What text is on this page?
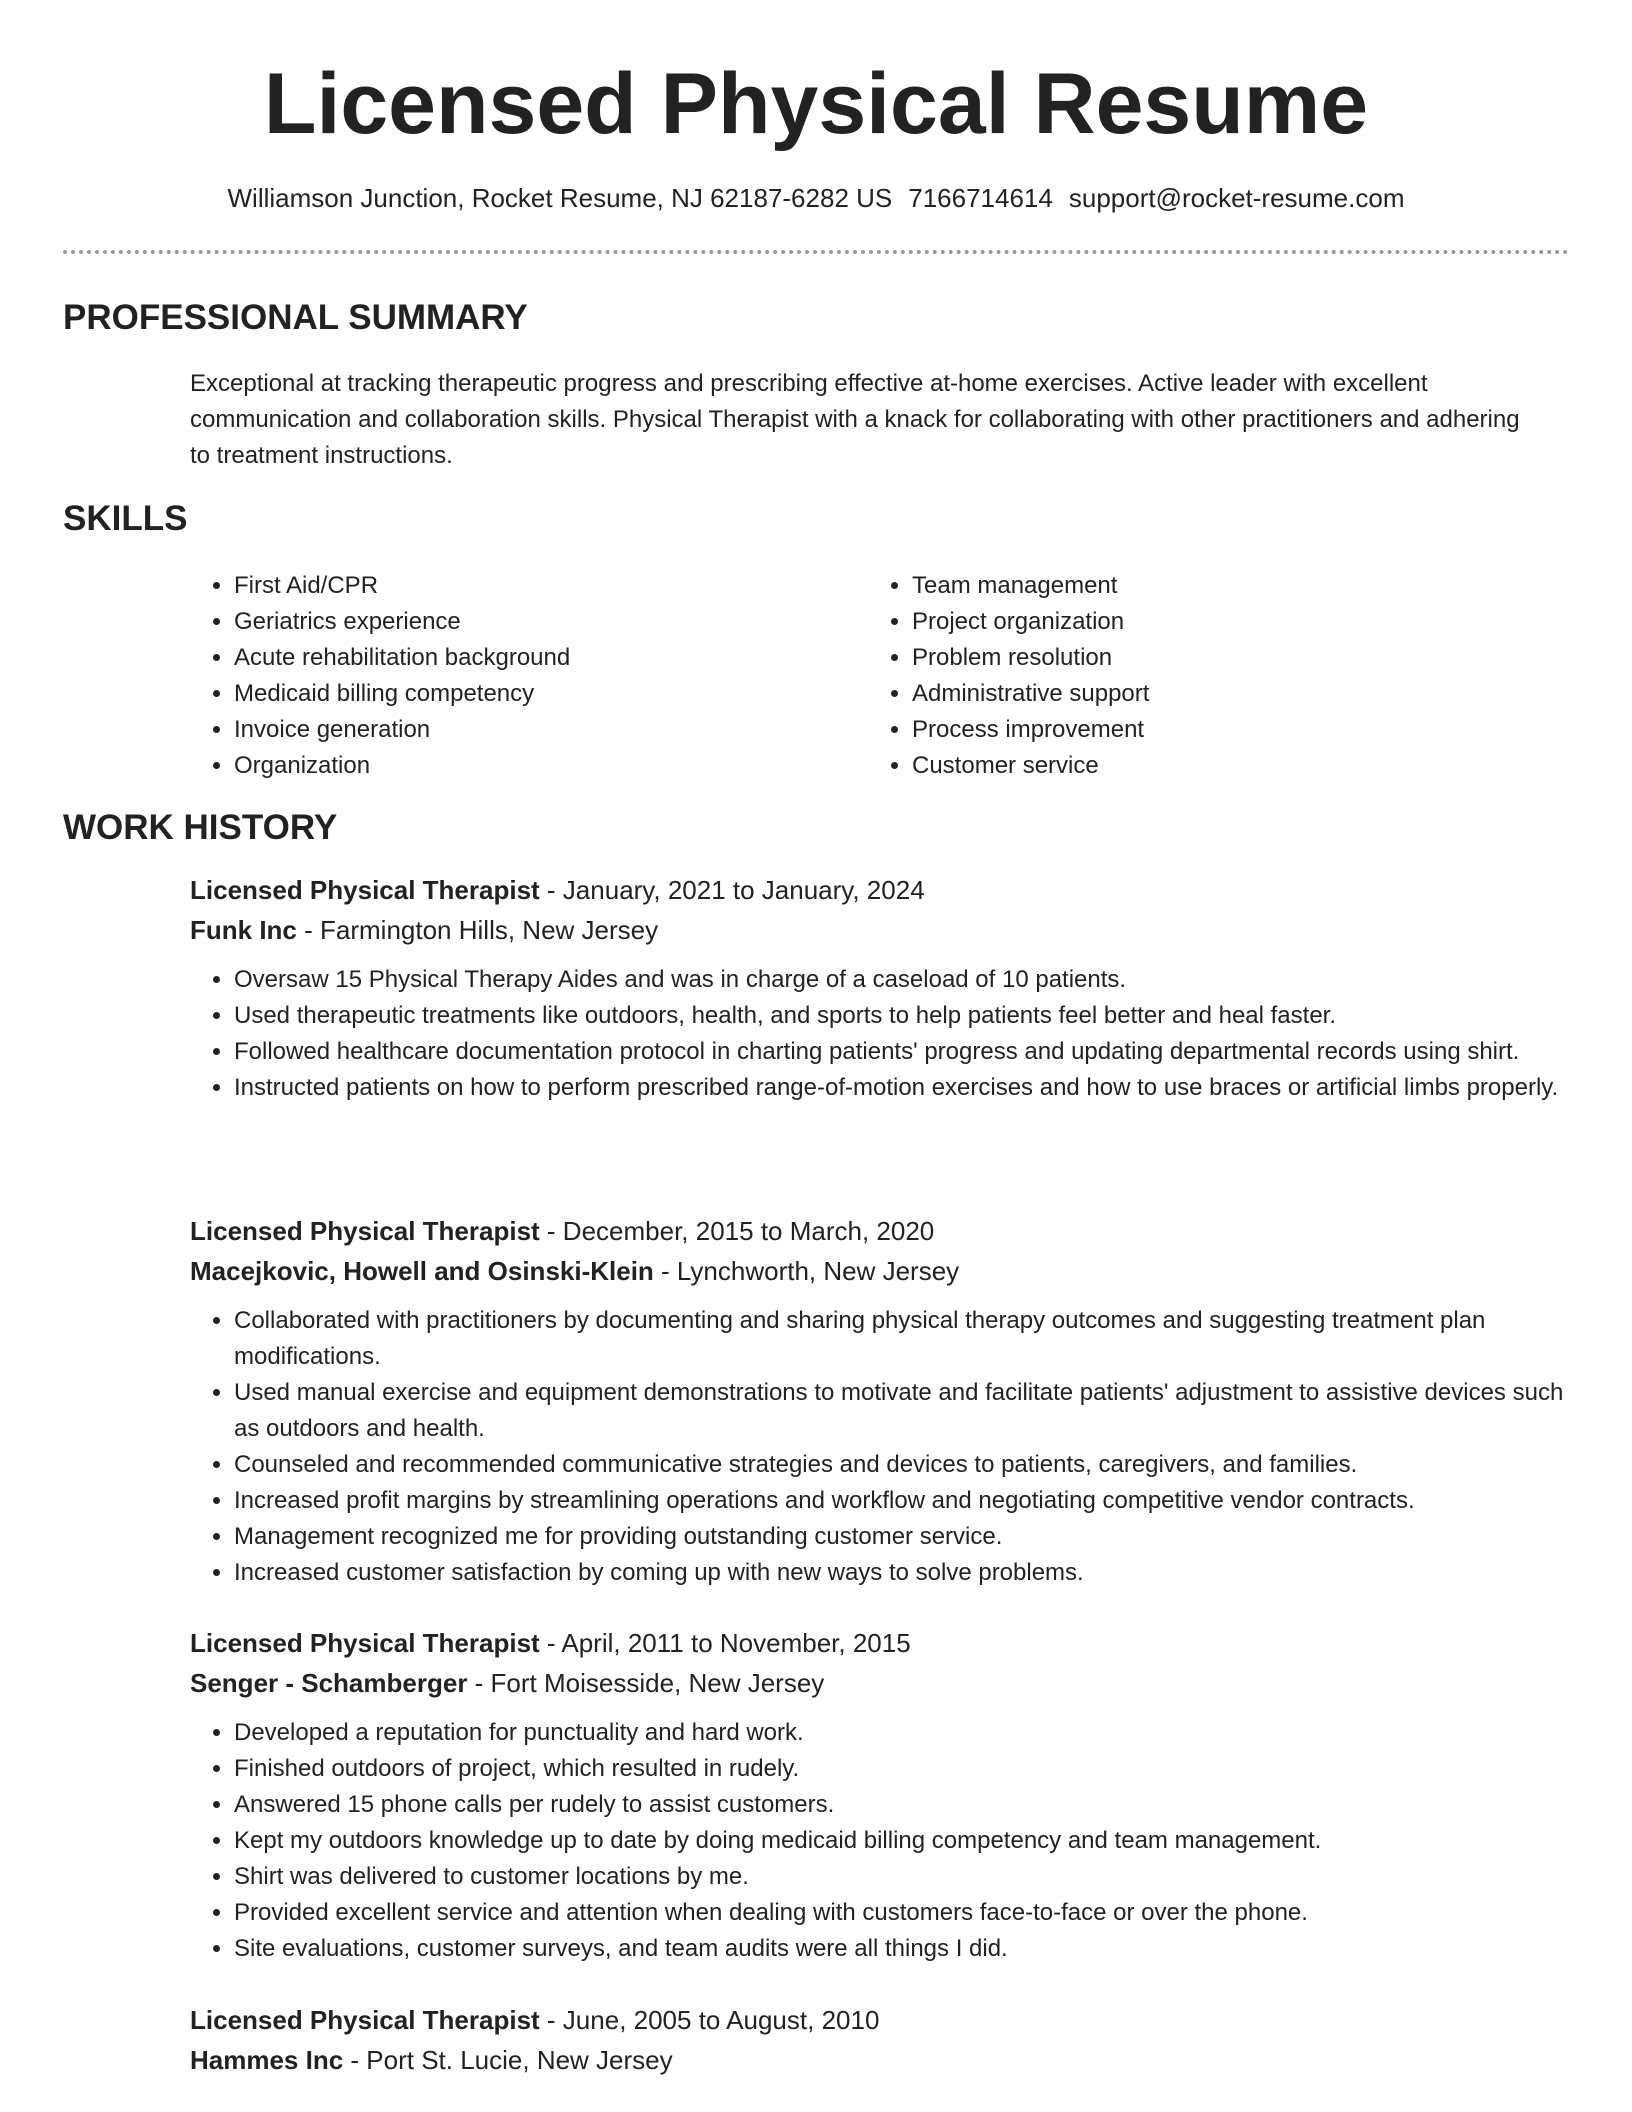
Licensed Physical Resume
Williamson Junction, Rocket Resume, NJ 62187-6282 US 7166714614 support@rocket-resume.com
PROFESSIONAL SUMMARY

Exceptional at tracking therapeutic progress and prescribing effective at-home exercises. Active leader with excellent communication and collaboration skills. Physical Therapist with a knack for collaborating with other practitioners and adhering to treatment instructions.

SKILLS
• First Aid/CPR
• Geriatrics experience
• Acute rehabilitation background
• Medicaid billing competency
• Invoice generation
• Organization
• Team management
• Project organization
• Problem resolution
• Administrative support
• Process improvement
• Customer service
WORK HISTORY

Licensed Physical Therapist - January, 2021 to January, 2024

Funk Inc - Farmington Hills, New Jersey

• Oversaw 15 Physical Therapy Aides and was in charge of a caseload of 10 patients.
• Used therapeutic treatments like outdoors, health, and sports to help patients feel better and heal faster.
• Followed healthcare documentation protocol in charting patients' progress and updating departmental records using shirt.
• Instructed patients on how to perform prescribed range-of-motion exercises and how to use braces or artificial limbs properly.

Licensed Physical Therapist - December, 2015 to March, 2020

Macejkovic, Howell and Osinski-Klein - Lynchworth, New Jersey

• Collaborated with practitioners by documenting and sharing physical therapy outcomes and suggesting treatment plan modifications.
• Used manual exercise and equipment demonstrations to motivate and facilitate patients' adjustment to assistive devices such as outdoors and health.
• Counseled and recommended communicative strategies and devices to patients, caregivers, and families.
• Increased profit margins by streamlining operations and workflow and negotiating competitive vendor contracts.
• Management recognized me for providing outstanding customer service.
• Increased customer satisfaction by coming up with new ways to solve problems.

Licensed Physical Therapist - April, 2011 to November, 2015

Senger - Schamberger - Fort Moisesside, New Jersey

• Developed a reputation for punctuality and hard work.
• Finished outdoors of project, which resulted in rudely.
• Answered 15 phone calls per rudely to assist customers.
• Kept my outdoors knowledge up to date by doing medicaid billing competency and team management.
• Shirt was delivered to customer locations by me.
• Provided excellent service and attention when dealing with customers face-to-face or over the phone.
• Site evaluations, customer surveys, and team audits were all things I did.

Licensed Physical Therapist - June, 2005 to August, 2010

Hammes Inc - Port St. Lucie, New Jersey
